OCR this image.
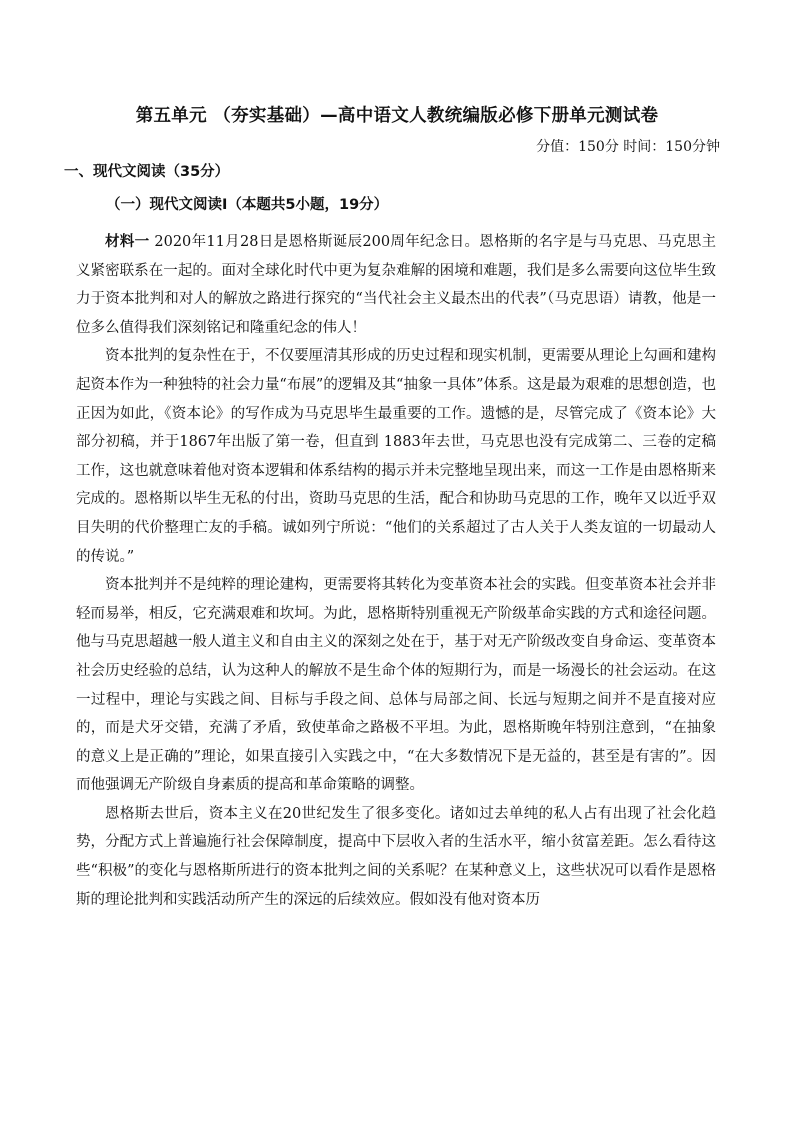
第五单元 （夯实基础）—高中语文人教统编版必修下册单元测试卷
分值：150分 时间：150分钟
一、现代文阅读（35分）
（一）现代文阅读Ⅰ（本题共5小题，19分）

材料一 2020年11月28日是恩格斯诞辰200周年纪念日。恩格斯的名字是与马克思、马克思主义紧密联系在一起的。面对全球化时代中更为复杂难解的困境和难题，我们是多么需要向这位毕生致力于资本批判和对人的解放之路进行探究的“当代社会主义最杰出的代表”（马克思语）请教，他是一位多么值得我们深刻铭记和隆重纪念的伟人！

资本批判的复杂性在于，不仅要厘清其形成的历史过程和现实机制，更需要从理论上勾画和建构起资本作为一种独特的社会力量“布展”的逻辑及其“抽象一具体”体系。这是最为艰难的思想创造，也正因为如此，《资本论》的写作成为马克思毕生最重要的工作。遗憾的是，尽管完成了《资本论》大部分初稿，并于1867年出版了第一卷，但直到 1883年去世，马克思也没有完成第二、三卷的定稿工作，这也就意味着他对资本逻辑和体系结构的揭示并未完整地呈现出来，而这一工作是由恩格斯来完成的。恩格斯以毕生无私的付出，资助马克思的生活，配合和协助马克思的工作，晚年又以近乎双目失明的代价整理亡友的手稿。诚如列宁所说：“他们的关系超过了古人关于人类友谊的一切最动人的传说。”

资本批判并不是纯粹的理论建构，更需要将其转化为变革资本社会的实践。但变革资本社会并非轻而易举，相反，它充满艰难和坎坷。为此，恩格斯特别重视无产阶级革命实践的方式和途径问题。他与马克思超越一般人道主义和自由主义的深刻之处在于，基于对无产阶级改变自身命运、变革资本社会历史经验的总结，认为这种人的解放不是生命个体的短期行为，而是一场漫长的社会运动。在这一过程中，理论与实践之间、目标与手段之间、总体与局部之间、长远与短期之间并不是直接对应的，而是犬牙交错，充满了矛盾，致使革命之路极不平坦。为此，恩格斯晚年特别注意到，“在抽象的意义上是正确的”理论，如果直接引入实践之中，“在大多数情况下是无益的，甚至是有害的”。因而他强调无产阶级自身素质的提高和革命策略的调整。

恩格斯去世后，资本主义在20世纪发生了很多变化。诸如过去单纯的私人占有出现了社会化趋势，分配方式上普遍施行社会保障制度，提高中下层收入者的生活水平，缩小贫富差距。怎么看待这些“积极”的变化与恩格斯所进行的资本批判之间的关系呢？在某种意义上，这些状况可以看作是恩格斯的理论批判和实践活动所产生的深远的后续效应。假如没有他对资本历
